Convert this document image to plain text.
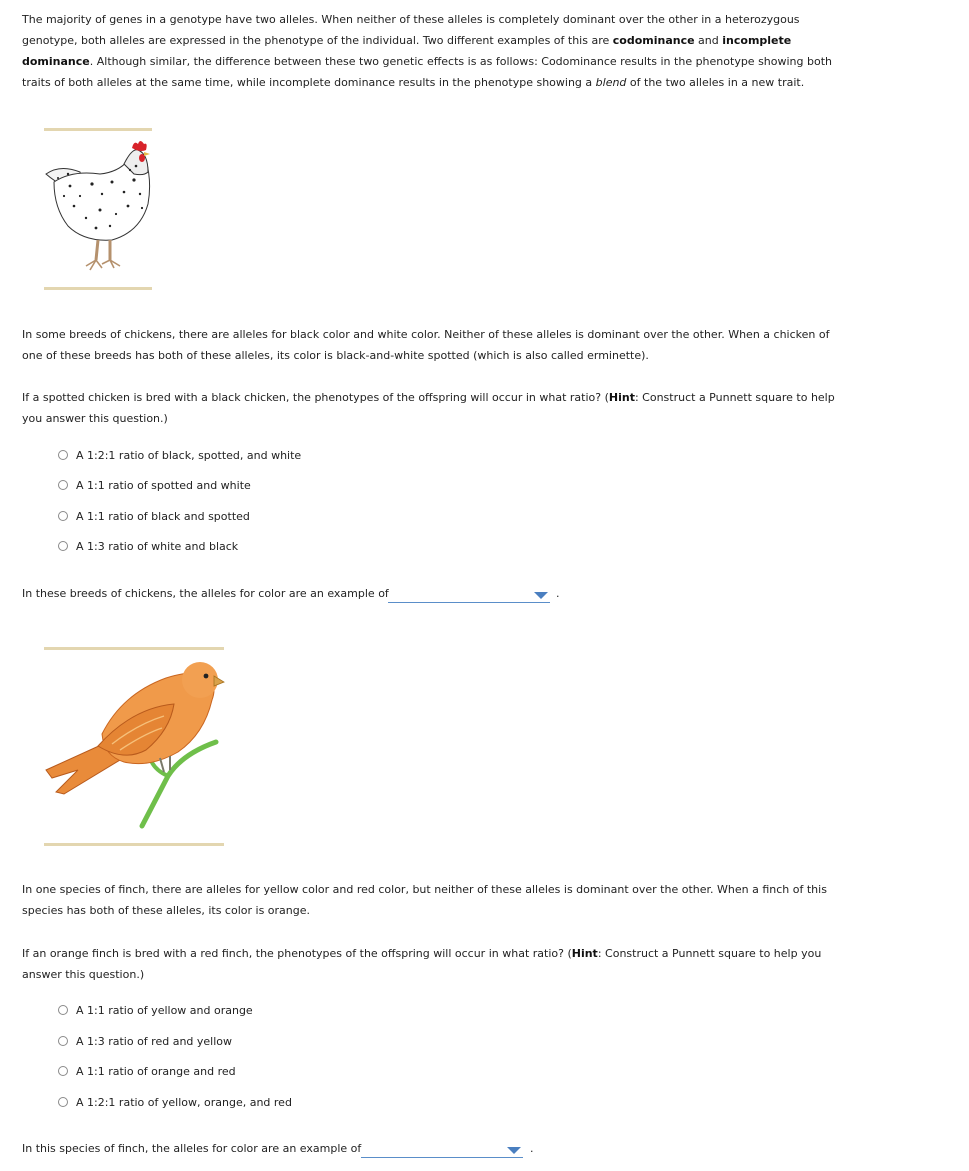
The majority of genes in a genotype have two alleles. When neither of these alleles is completely dominant over the other in a heterozygous genotype, both alleles are expressed in the phenotype of the individual. Two different examples of this are codominance and incomplete dominance. Although similar, the difference between these two genetic effects is as follows: Codominance results in the phenotype showing both traits of both alleles at the same time, while incomplete dominance results in the phenotype showing a blend of the two alleles in a new trait.

In some breeds of chickens, there are alleles for black color and white color. Neither of these alleles is dominant over the other. When a chicken of one of these breeds has both of these alleles, its color is black-and-white spotted (which is also called erminette).

If a spotted chicken is bred with a black chicken, the phenotypes of the offspring will occur in what ratio? (Hint: Construct a Punnett square to help you answer this question.)

A 1:2:1 ratio of black, spotted, and white
A 1:1 ratio of spotted and white
A 1:1 ratio of black and spotted
A 1:3 ratio of white and black
In these breeds of chickens, the alleles for color are an example of	.

In one species of finch, there are alleles for yellow color and red color, but neither of these alleles is dominant over the other. When a finch of this species has both of these alleles, its color is orange.

If an orange finch is bred with a red finch, the phenotypes of the offspring will occur in what ratio? (Hint: Construct a Punnett square to help you answer this question.)

A 1:1 ratio of yellow and orange
A 1:3 ratio of red and yellow
A 1:1 ratio of orange and red
A 1:2:1 ratio of yellow, orange, and red
In this species of finch, the alleles for color are an example of	.
